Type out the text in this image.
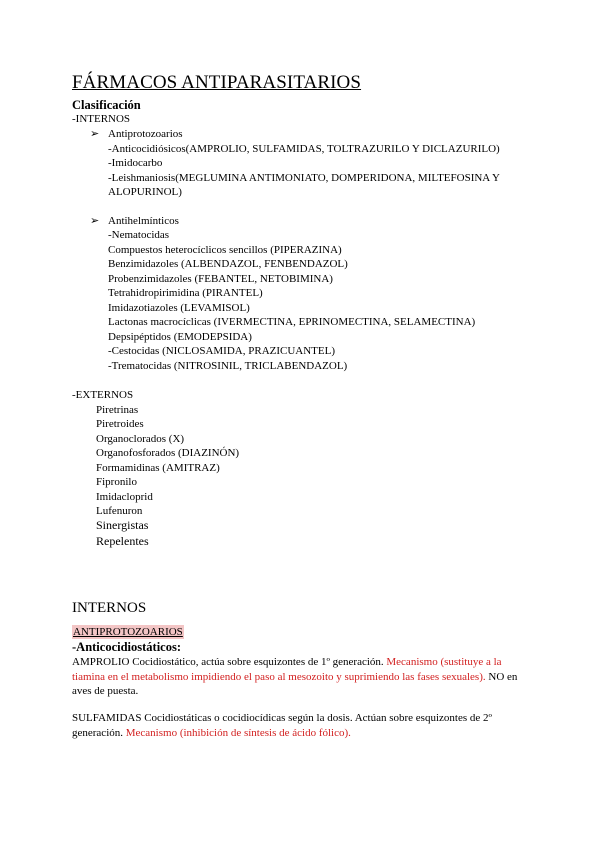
FÁRMACOS ANTIPARASITARIOS
Clasificación
-INTERNOS
➢ Antiprotozoarios
-Anticocidiósicos(AMPROLIO, SULFAMIDAS, TOLTRAZURILO Y DICLAZURILO)
-Imidocarbo
-Leishmaniosis(MEGLUMINA ANTIMONIATO, DOMPERIDONA, MILTEFOSINA Y
ALOPURINOL)
➢ Antihelmínticos
-Nematocidas
Compuestos heterocíclicos sencillos (PIPERAZINA)
Benzimidazoles (ALBENDAZOL, FENBENDAZOL)
Probenzimidazoles (FEBANTEL, NETOBIMINA)
Tetrahidropirimidina (PIRANTEL)
Imidazotiazoles (LEVAMISOL)
Lactonas macrocíclicas (IVERMECTINA, EPRINOMECTINA, SELAMECTINA)
Depsipéptidos (EMODEPSIDA)
-Cestocidas (NICLOSAMIDA, PRAZICUANTEL)
-Trematocidas (NITROSINIL, TRICLABENDAZOL)
-EXTERNOS
Piretrinas
Piretroides
Organoclorados (X)
Organofosforados (DIAZINÓN)
Formamidinas (AMITRAZ)
Fipronilo
Imidacloprid
Lufenuron
Sinergistas
Repelentes
INTERNOS
ANTIPROTOZOARIOS
-Anticocidiostáticos:
AMPROLIO Cocidiostático, actúa sobre esquizontes de 1º generación. Mecanismo (sustituye a la tiamina en el metabolismo impidiendo el paso al mesozoito y suprimiendo las fases sexuales). NO en aves de puesta.
SULFAMIDAS Cocidiostáticas o cocidiocídicas según la dosis. Actúan sobre esquizontes de 2º generación. Mecanismo (inhibición de síntesis de ácido fólico).
